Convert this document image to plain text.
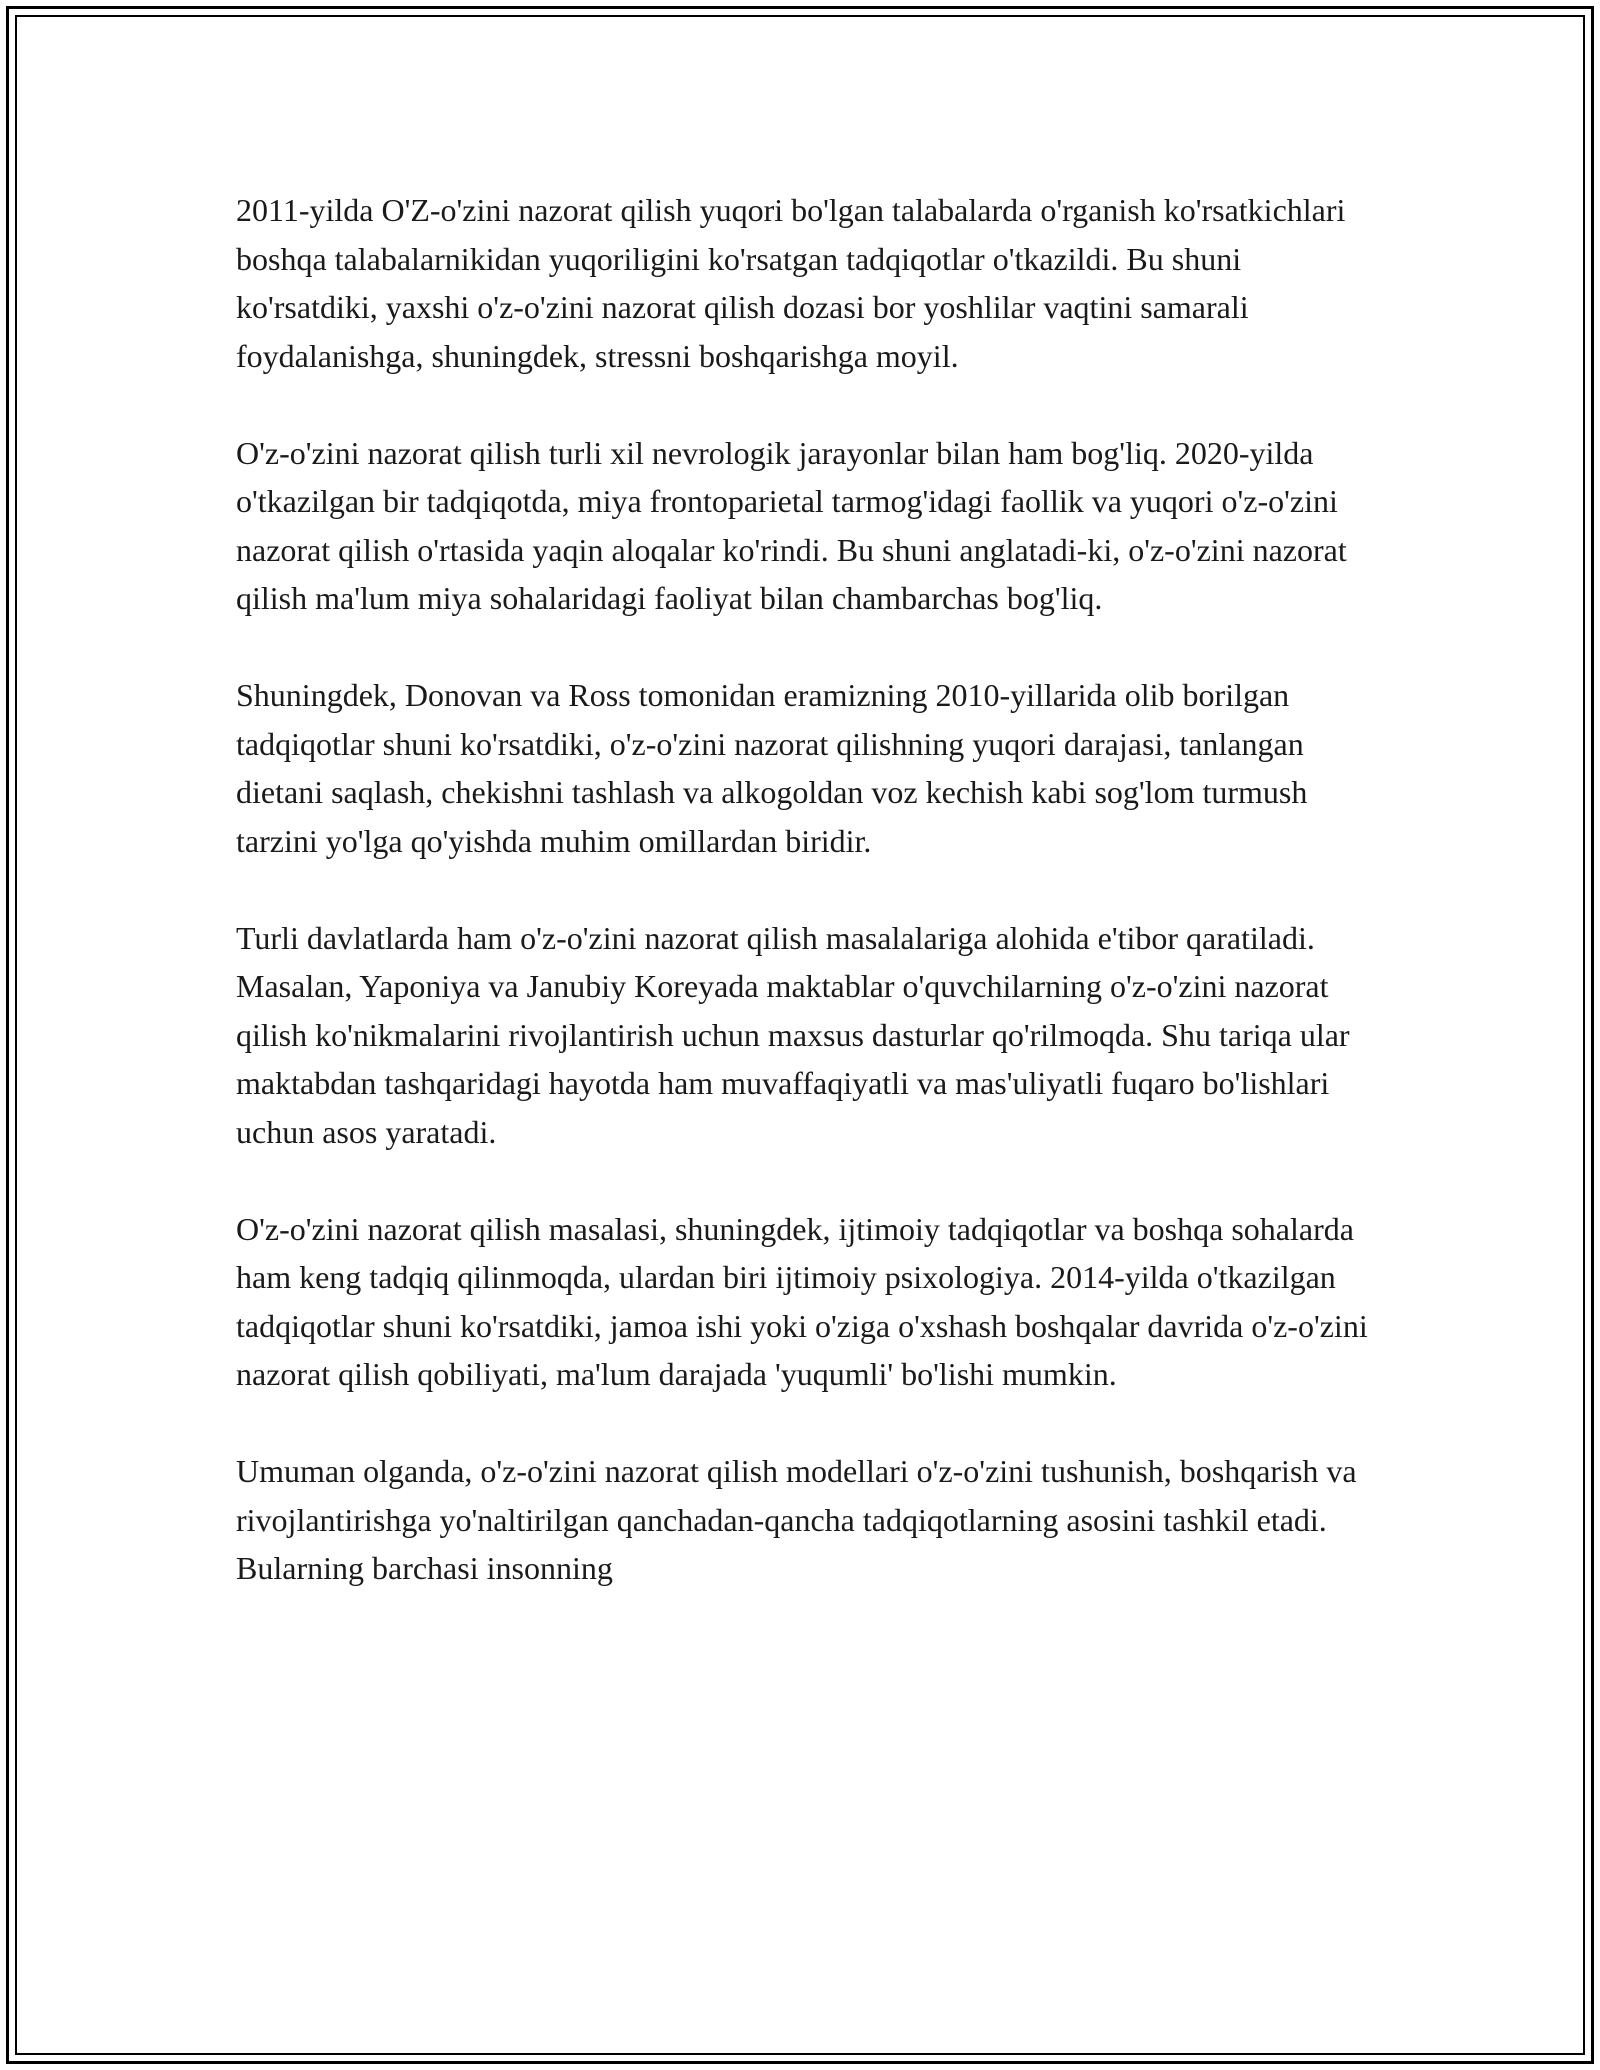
2011-yilda O'Z-o'zini nazorat qilish yuqori bo'lgan talabalarda o'rganish ko'rsatkichlari boshqa talabalarnikidan yuqoriligini ko'rsatgan tadqiqotlar o'tkazildi. Bu shuni ko'rsatdiki, yaxshi o'z-o'zini nazorat qilish dozasi bor yoshlilar vaqtini samarali foydalanishga, shuningdek, stressni boshqarishga moyil.

O'z-o'zini nazorat qilish turli xil nevrologik jarayonlar bilan ham bog'liq. 2020-yilda o'tkazilgan bir tadqiqotda, miya frontoparietal tarmog'idagi faollik va yuqori o'z-o'zini nazorat qilish o'rtasida yaqin aloqalar ko'rindi. Bu shuni anglatadi-ki, o'z-o'zini nazorat qilish ma'lum miya sohalaridagi faoliyat bilan chambarchas bog'liq.

Shuningdek, Donovan va Ross tomonidan eramizning 2010-yillarida olib borilgan tadqiqotlar shuni ko'rsatdiki, o'z-o'zini nazorat qilishning yuqori darajasi, tanlangan dietani saqlash, chekishni tashlash va alkogoldan voz kechish kabi sog'lom turmush tarzini yo'lga qo'yishda muhim omillardan biridir.

Turli davlatlarda ham o'z-o'zini nazorat qilish masalalariga alohida e'tibor qaratiladi. Masalan, Yaponiya va Janubiy Koreyada maktablar o'quvchilarning o'z-o'zini nazorat qilish ko'nikmalarini rivojlantirish uchun maxsus dasturlar qo'rilmoqda. Shu tariqa ular maktabdan tashqaridagi hayotda ham muvaffaqiyatli va mas'uliyatli fuqaro bo'lishlari uchun asos yaratadi.

O'z-o'zini nazorat qilish masalasi, shuningdek, ijtimoiy tadqiqotlar va boshqa sohalarda ham keng tadqiq qilinmoqda, ulardan biri ijtimoiy psixologiya. 2014-yilda o'tkazilgan tadqiqotlar shuni ko'rsatdiki, jamoa ishi yoki o'ziga o'xshash boshqalar davrida o'z-o'zini nazorat qilish qobiliyati, ma'lum darajada 'yuqumli' bo'lishi mumkin.

Umuman olganda, o'z-o'zini nazorat qilish modellari o'z-o'zini tushunish, boshqarish va rivojlantirishga yo'naltirilgan qanchadan-qancha tadqiqotlarning asosini tashkil etadi. Bularning barchasi insonning
